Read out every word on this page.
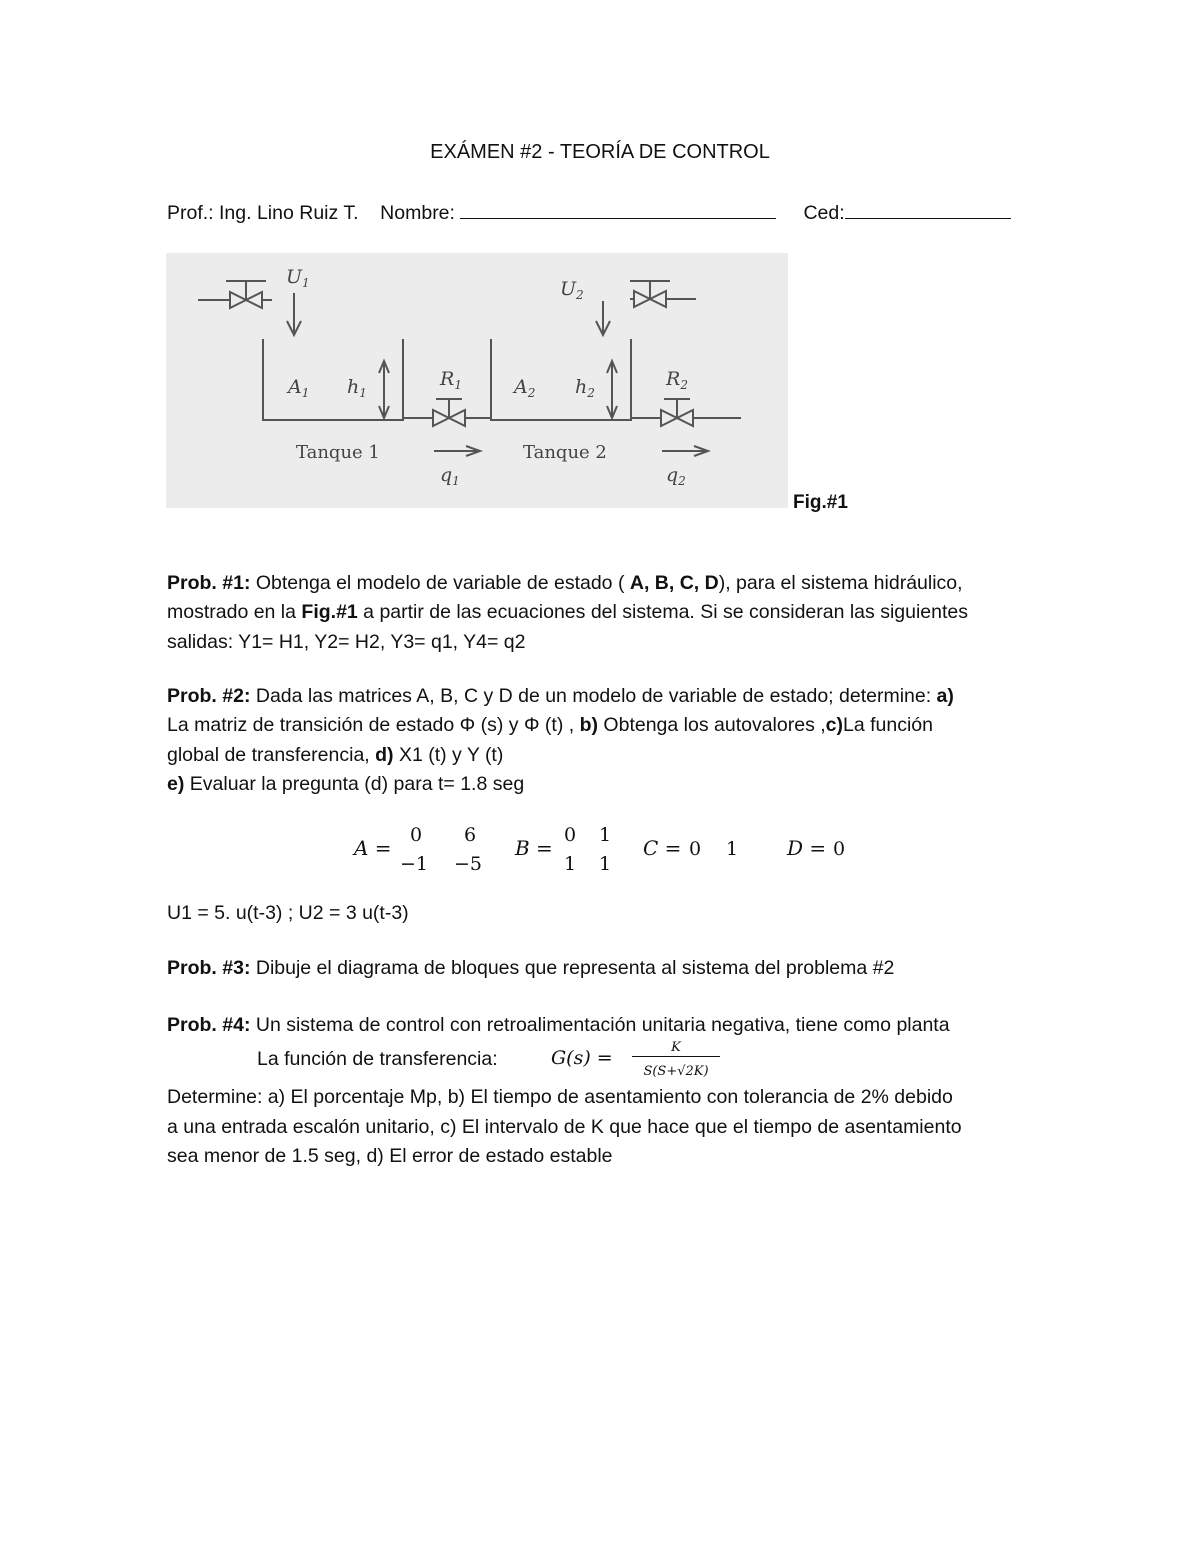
EXÁMEN #2 - TEORÍA DE CONTROL
Prof.: Ing. Lino Ruiz T. Nombre:	Ced:
$U_1$	$U_2$
$A_1$ $h_1$
$R_1$	$A_2$ $h_2$
$R_2$
$q_1$	$q_2$
Tanque 1	Tanque 2
Fig.#1
Prob. #1: Obtenga el modelo de variable de estado ( A, B, C, D), para el sistema hidráulico,
mostrado en la Fig.#1 a partir de las ecuaciones del sistema. Si se consideran las siguientes
salidas: Y1= H1, Y2= H2, Y3= q1, Y4= q2
Prob. #2: Dada las matrices A, B, C y D de un modelo de variable de estado; determine: a)
La matriz de transición de estado Φ (s) y Φ (t) , b) Obtenga los autovalores ,c)La función
global de transferencia, d) X1 (t) y Y (t)
e) Evaluar la pregunta (d) para t= 1.8 seg
A =
0	6
−1 −5
B =
0	1
1	1
C = 0	1	D = 0
U1 = 5. u(t-3) ; U2 = 3 u(t-3)
Prob. #3: Dibuje el diagrama de bloques que representa al sistema del problema #2
Prob. #4: Un sistema de control con retroalimentación unitaria negativa, tiene como planta
La función de transferencia:	G(s) =	K
S(S+√2K)
Determine: a) El porcentaje Mp, b) El tiempo de asentamiento con tolerancia de 2% debido
a una entrada escalón unitario, c) El intervalo de K que hace que el tiempo de asentamiento
sea menor de 1.5 seg, d) El error de estado estable
